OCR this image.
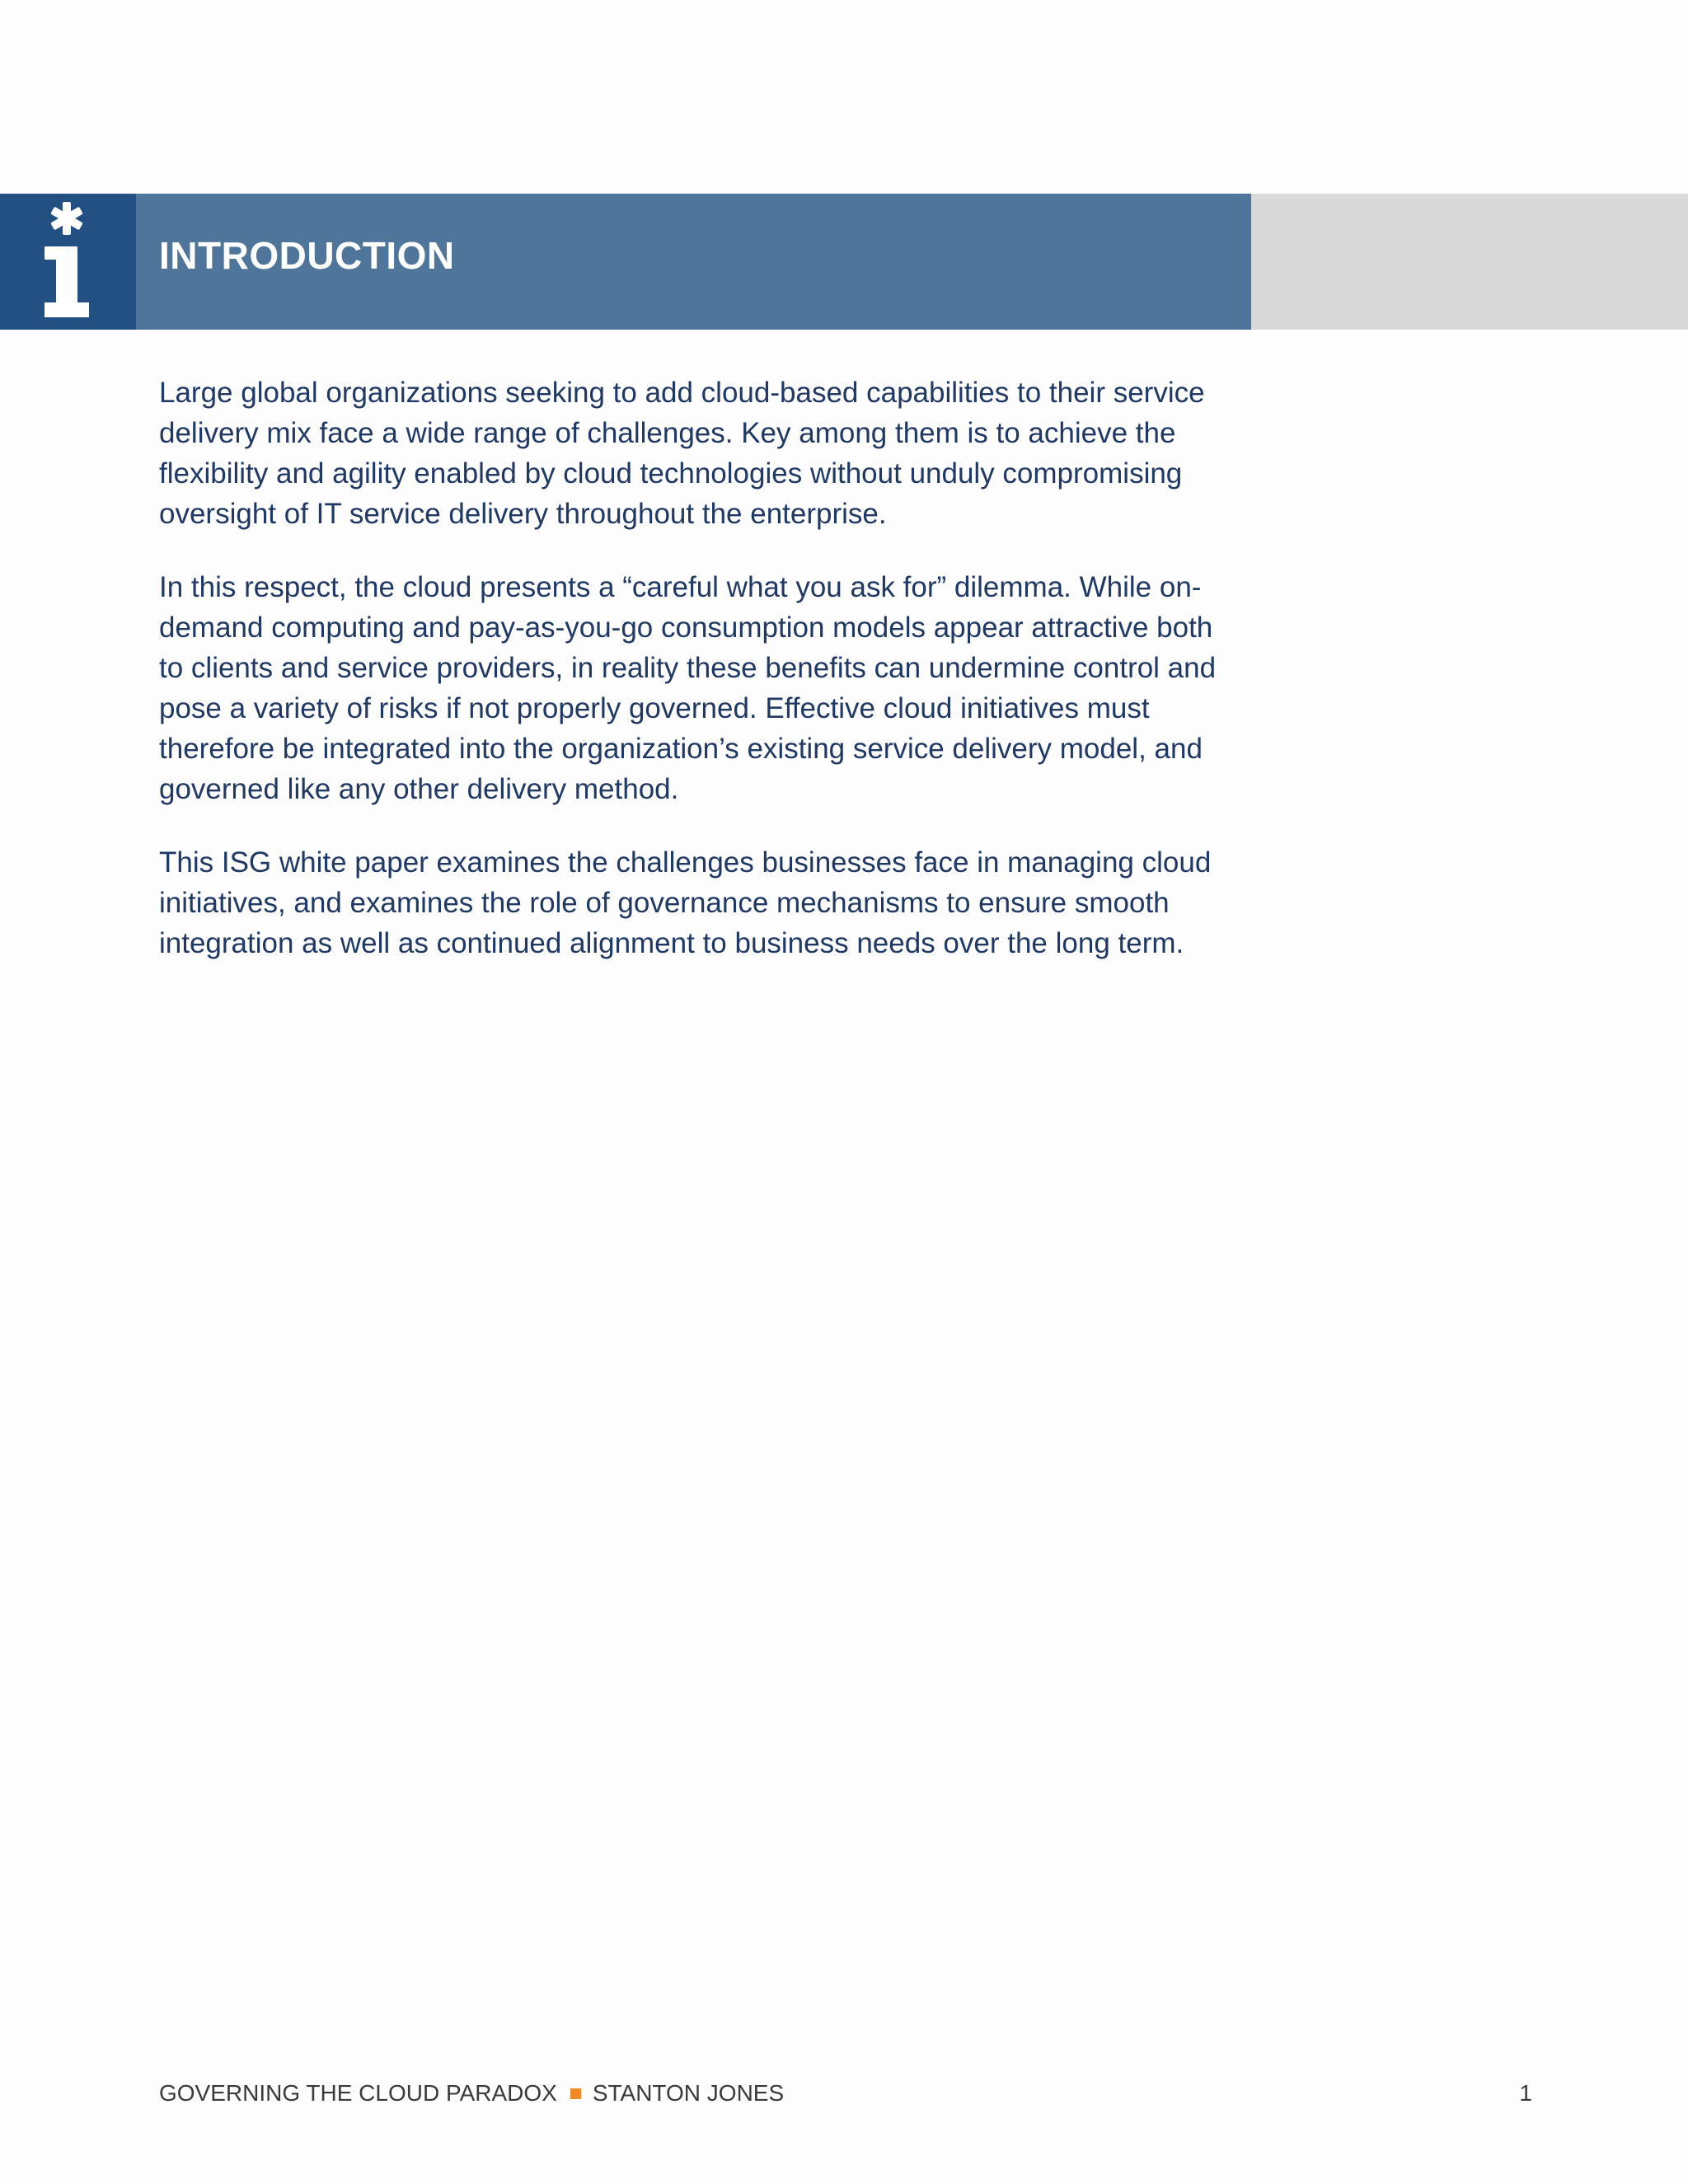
INTRODUCTION

Large global organizations seeking to add cloud-based capabilities to their service delivery mix face a wide range of challenges. Key among them is to achieve the flexibility and agility enabled by cloud technologies without unduly compromising oversight of IT service delivery throughout the enterprise.

In this respect, the cloud presents a “careful what you ask for” dilemma. While on-demand computing and pay-as-you-go consumption models appear attractive both to clients and service providers, in reality these benefits can undermine control and pose a variety of risks if not properly governed. Effective cloud initiatives must therefore be integrated into the organization’s existing service delivery model, and governed like any other delivery method.

This ISG white paper examines the challenges businesses face in managing cloud initiatives, and examines the role of governance mechanisms to ensure smooth integration as well as continued alignment to business needs over the long term.

GOVERNING THE CLOUD PARADOX STANTON JONES	1
